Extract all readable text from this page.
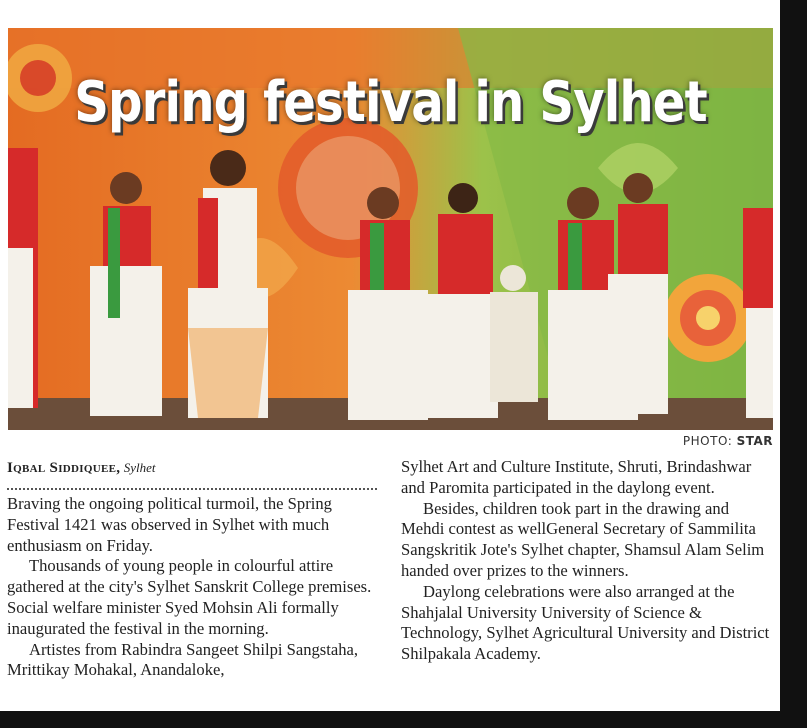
Spring festival in Sylhet
PHOTO: STAR
Iqbal Siddiquee, Sylhet

Braving the ongoing political turmoil, the Spring Festival 1421 was observed in Sylhet with much enthusiasm on Friday.

Thousands of young people in colourful attire gathered at the city's Sylhet Sanskrit College premises. Social welfare minister Syed Mohsin Ali formally inaugurated the festival in the morning.

Artistes from Rabindra Sangeet Shilpi Sangstaha, Mrittikay Mohakal, Anandaloke,

Sylhet Art and Culture Institute, Shruti, Brindashwar and Paromita participated in the daylong event.

Besides, children took part in the drawing and Mehdi contest as wellGeneral Secretary of Sammilita Sangskritik Jote's Sylhet chapter, Shamsul Alam Selim handed over prizes to the winners.

Daylong celebrations were also arranged at the Shahjalal University University of Science & Technology, Sylhet Agricultural University and District Shilpakala Academy.
